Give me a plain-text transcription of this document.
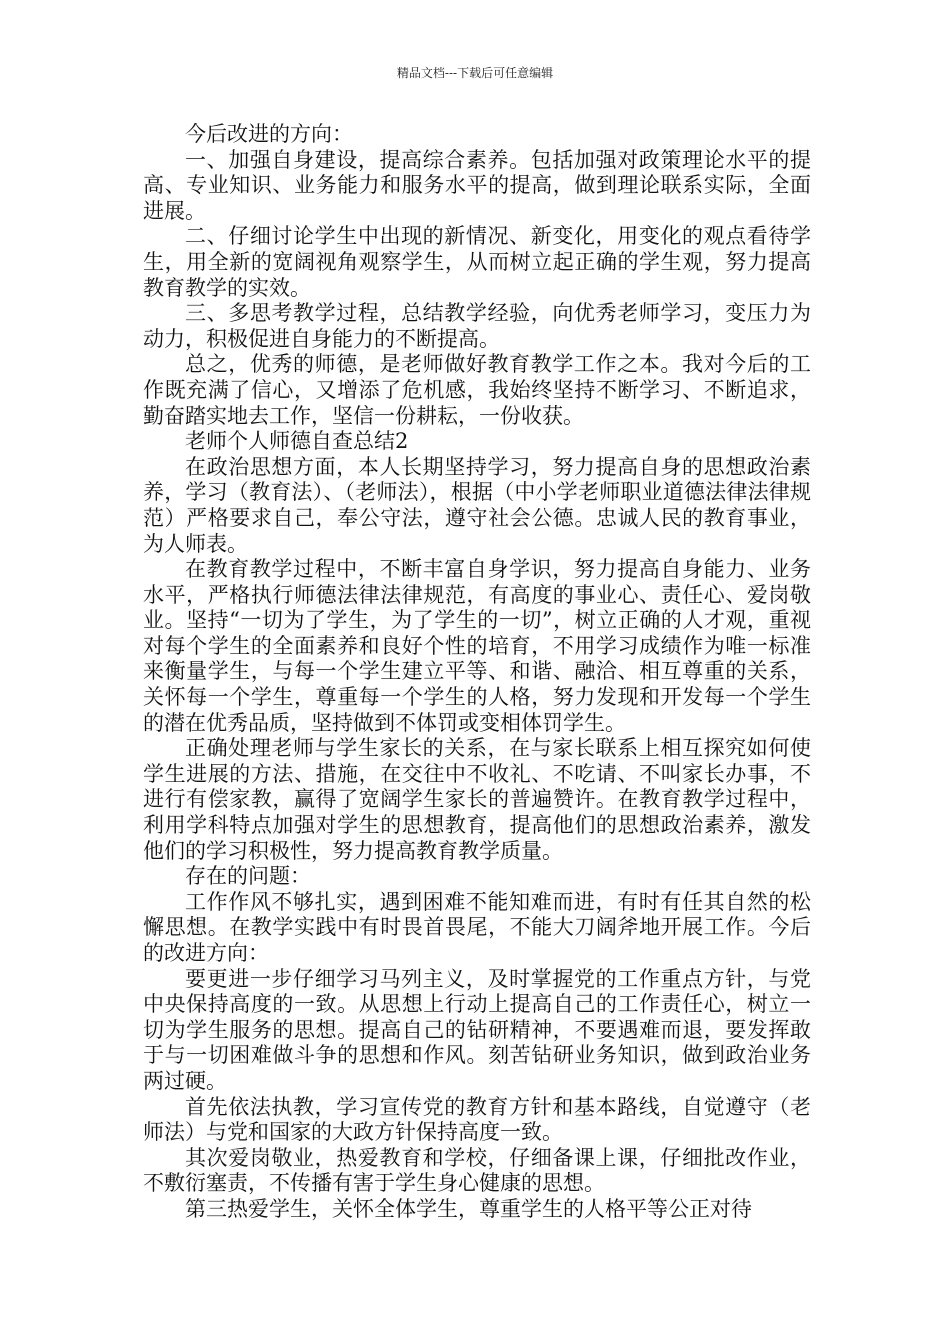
精品文档---下载后可任意编辑

今后改进的方向：

一、加强自身建设，提高综合素养。包括加强对政策理论水平的提高、专业知识、业务能力和服务水平的提高，做到理论联系实际，全面进展。

二、仔细讨论学生中出现的新情况、新变化，用变化的观点看待学生，用全新的宽阔视角观察学生，从而树立起正确的学生观，努力提高教育教学的实效。

三、多思考教学过程，总结教学经验，向优秀老师学习，变压力为动力，积极促进自身能力的不断提高。

总之，优秀的师德，是老师做好教育教学工作之本。我对今后的工作既充满了信心，又增添了危机感，我始终坚持不断学习、不断追求，勤奋踏实地去工作，坚信一份耕耘，一份收获。

老师个人师德自查总结2

在政治思想方面，本人长期坚持学习，努力提高自身的思想政治素养，学习（教育法）、（老师法），根据（中小学老师职业道德法律法律规范）严格要求自己，奉公守法，遵守社会公德。忠诚人民的教育事业，为人师表。

在教育教学过程中，不断丰富自身学识，努力提高自身能力、业务水平，严格执行师德法律法律规范，有高度的事业心、责任心、爱岗敬业。坚持“一切为了学生，为了学生的一切”，树立正确的人才观，重视对每个学生的全面素养和良好个性的培育，不用学习成绩作为唯一标准来衡量学生，与每一个学生建立平等、和谐、融洽、相互尊重的关系，关怀每一个学生，尊重每一个学生的人格，努力发现和开发每一个学生的潜在优秀品质，坚持做到不体罚或变相体罚学生。

正确处理老师与学生家长的关系，在与家长联系上相互探究如何使学生进展的方法、措施，在交往中不收礼、不吃请、不叫家长办事，不进行有偿家教，赢得了宽阔学生家长的普遍赞许。在教育教学过程中，利用学科特点加强对学生的思想教育，提高他们的思想政治素养，激发他们的学习积极性，努力提高教育教学质量。

存在的问题：

工作作风不够扎实，遇到困难不能知难而进，有时有任其自然的松懈思想。在教学实践中有时畏首畏尾，不能大刀阔斧地开展工作。今后的改进方向：

要更进一步仔细学习马列主义，及时掌握党的工作重点方针，与党中央保持高度的一致。从思想上行动上提高自己的工作责任心，树立一切为学生服务的思想。提高自己的钻研精神，不要遇难而退，要发挥敢于与一切困难做斗争的思想和作风。刻苦钻研业务知识，做到政治业务两过硬。

首先依法执教，学习宣传党的教育方针和基本路线，自觉遵守（老师法）与党和国家的大政方针保持高度一致。

其次爱岗敬业，热爱教育和学校，仔细备课上课，仔细批改作业，不敷衍塞责，不传播有害于学生身心健康的思想。

第三热爱学生，关怀全体学生，尊重学生的人格平等公正对待
